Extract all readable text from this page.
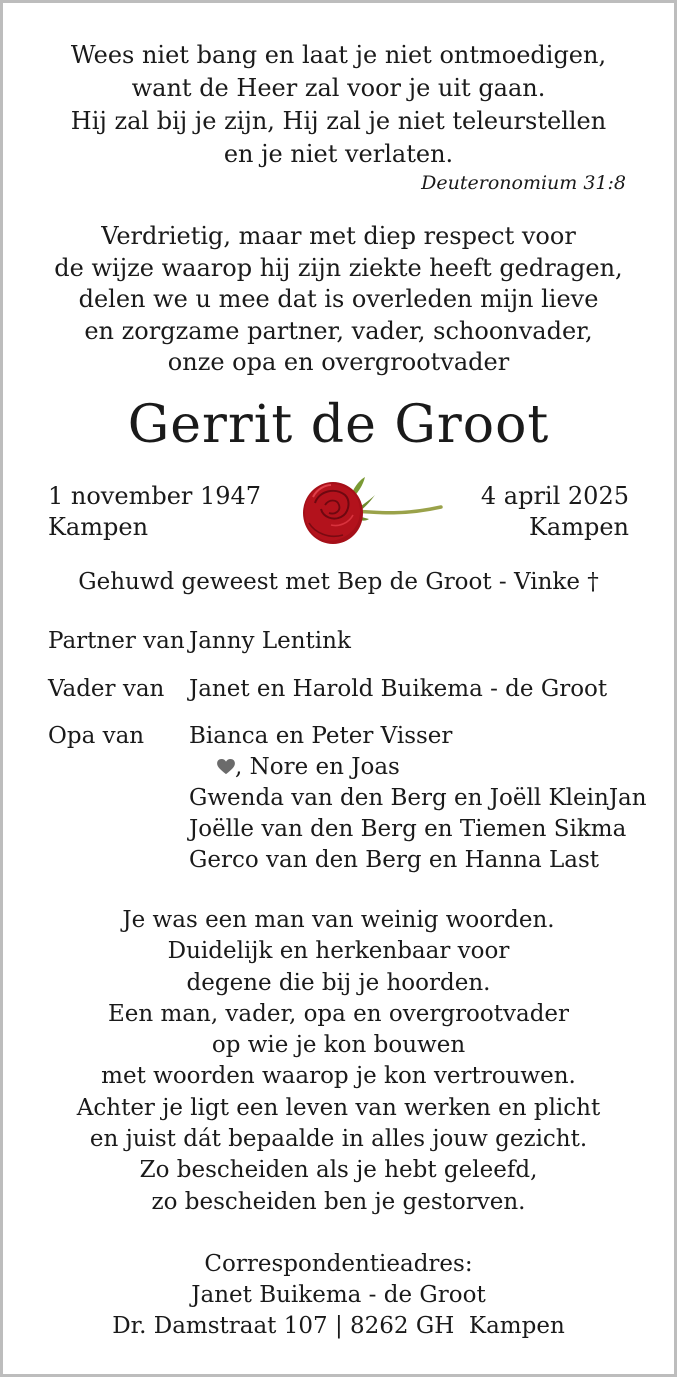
Wees niet bang en laat je niet ontmoedigen,
want de Heer zal voor je uit gaan.
Hij zal bij je zijn, Hij zal je niet teleurstellen
en je niet verlaten.
Deuteronomium 31:8
Verdrietig, maar met diep respect voor
de wijze waarop hij zijn ziekte heeft gedragen,
delen we u mee dat is overleden mijn lieve
en zorgzame partner, vader, schoonvader,
onze opa en overgrootvader
Gerrit de Groot
1 november 1947
Kampen
4 april 2025
Kampen
Gehuwd geweest met Bep de Groot - Vinke †
Partner van Janny Lentink
Vader van Janet en Harold Buikema - de Groot
Opa van Bianca en Peter Visser
, Nore en Joas
Gwenda van den Berg en Joëll KleinJan
Joëlle van den Berg en Tiemen Sikma
Gerco van den Berg en Hanna Last
Je was een man van weinig woorden.
Duidelijk en herkenbaar voor
degene die bij je hoorden.
Een man, vader, opa en overgrootvader
op wie je kon bouwen
met woorden waarop je kon vertrouwen.
Achter je ligt een leven van werken en plicht
en juist dát bepaalde in alles jouw gezicht.
Zo bescheiden als je hebt geleefd,
zo bescheiden ben je gestorven.
Correspondentieadres:
Janet Buikema - de Groot
Dr. Damstraat 107 | 8262 GH  Kampen
